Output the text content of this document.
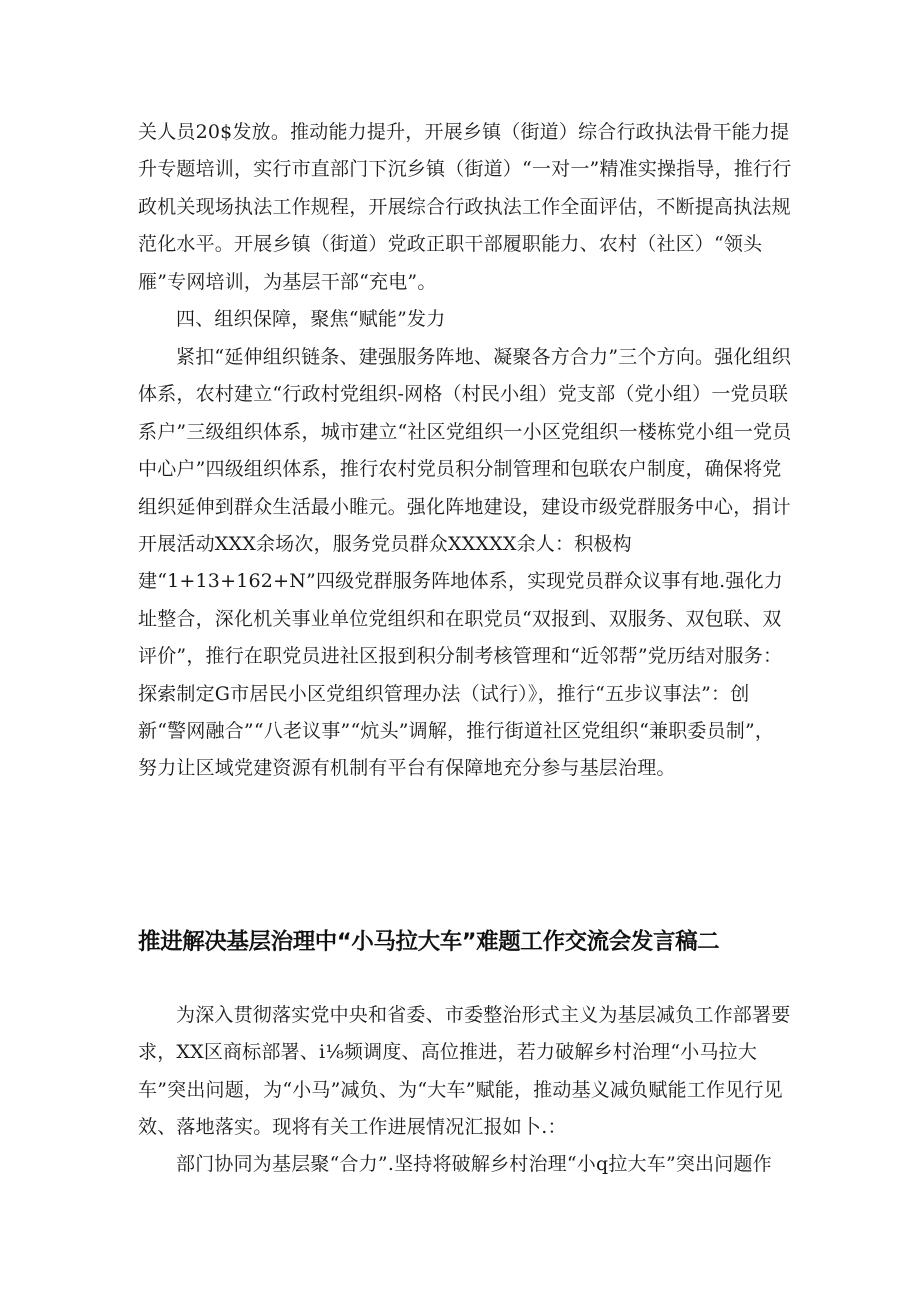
关人员20$发放。推动能力提升，开展乡镇（街道）综合行政执法骨干能力提升专题培训，实行市直部门下沉乡镇（街道）“一对一”精准实操指导，推行行政机关现场执法工作规程，开展综合行政执法工作全面评估，不断提高执法规范化水平。开展乡镇（街道）党政正职干部履职能力、农村（社区）“领头雁”专网培训，为基层干部“充电”。

四、组织保障，聚焦“赋能”发力

紧扣“延伸组织链条、建强服务阵地、凝聚各方合力”三个方向。强化组织体系，农村建立“行政村党组织-网格（村民小组）党支部（党小组）一党员联系户”三级组织体系，城市建立“社区党组织一小区党组织一楼栋党小组一党员中心户”四级组织体系，推行农村党员积分制管理和包联农户制度，确保将党组织延伸到群众生活最小睢元。强化阵地建设，建设市级党群服务中心，捐计开展活动XXX余场次，服务党员群众XXXXX余人：积极构建“1+13+162+N”四级党群服务阵地体系，实现党员群众议事有地.强化力址整合，深化机关事业单位党组织和在职党员“双报到、双服务、双包联、双评价”，推行在职党员进社区报到积分制考核管理和“近邻帮”党历结对服务：探索制定G市居民小区党组织管理办法（试行）》，推行“五步议事法”：创新“警网融合”“八老议事”“炕头”调解，推行街道社区党组织“兼职委员制”，努力让区域党建资源有机制有平台有保障地充分参与基层治理。

推进解决基层治理中“小马拉大车”难题工作交流会发言稿二

为深入贯彻落实党中央和省委、市委整治形式主义为基层减负工作部署要求，XX区商标部署、i⅛频调度、高位推进，若力破解乡村治理“小马拉大车”突出问题，为“小马”减负、为“大车”赋能，推动基义减负赋能工作见行见效、落地落实。现将有关工作进展情况汇报如卜.：

部门协同为基层聚“合力”.坚持将破解乡村治理“小q拉大车”突出问题作
